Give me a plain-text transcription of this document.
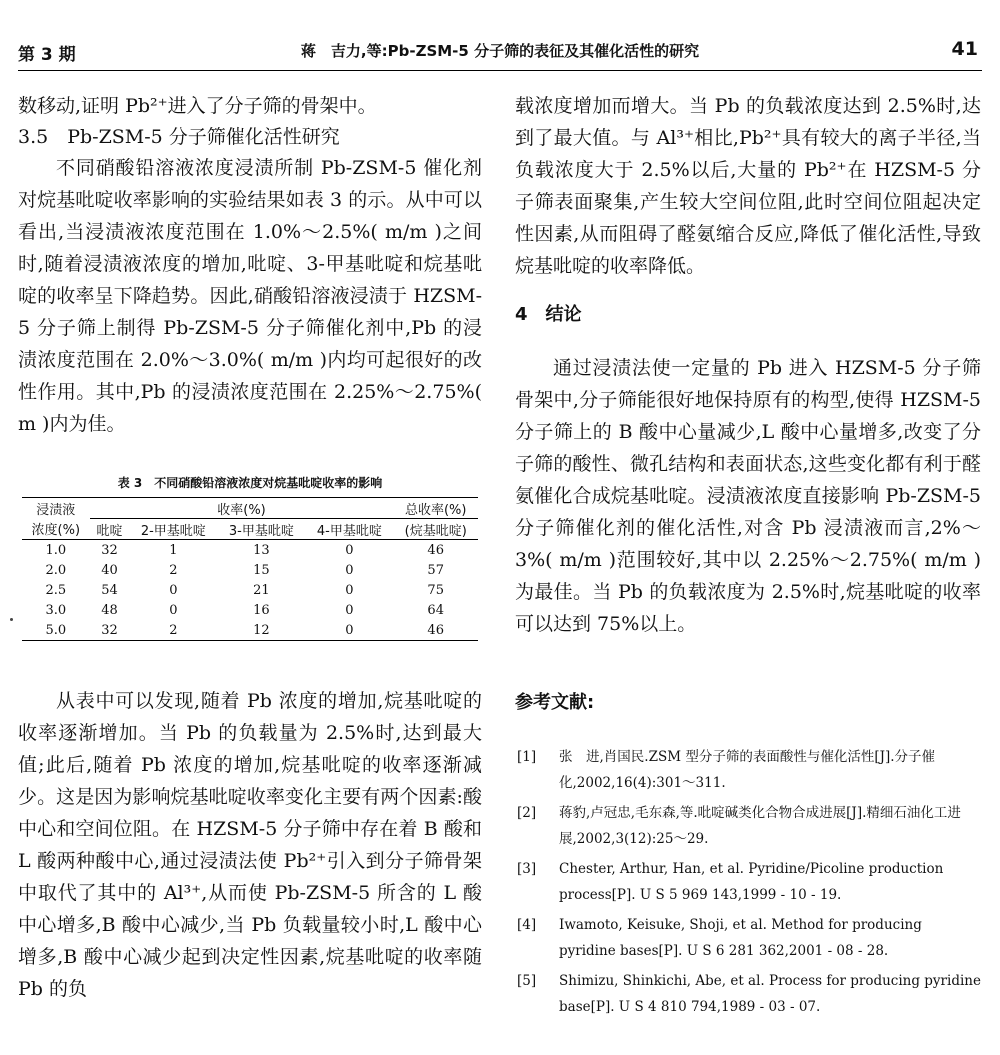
第 3 期	蒋　吉力,等:Pb-ZSM-5 分子筛的表征及其催化活性的研究	41

数移动,证明 Pb²⁺进入了分子筛的骨架中。

3.5　Pb-ZSM-5 分子筛催化活性研究

不同硝酸铅溶液浓度浸渍所制 Pb-ZSM-5 催化剂对烷基吡啶收率影响的实验结果如表 3 的示。从中可以看出,当浸渍液浓度范围在 1.0%～2.5%( m/m )之间时,随着浸渍液浓度的增加,吡啶、3-甲基吡啶和烷基吡啶的收率呈下降趋势。因此,硝酸铅溶液浸渍于 HZSM-5 分子筛上制得 Pb-ZSM-5 分子筛催化剂中,Pb 的浸渍浓度范围在 2.0%～3.0%( m/m )内均可起很好的改性作用。其中,Pb 的浸渍浓度范围在 2.25%～2.75%( m )内为佳。

表 3　不同硝酸铅溶液浓度对烷基吡啶收率的影响
浸渍液	收率(%)				总收率(%)
浓度(%)	吡啶	2-甲基吡啶	3-甲基吡啶	4-甲基吡啶	(烷基吡啶)
1.0	32	1	13	0	46
2.0	40	2	15	0	57
2.5	54	0	21	0	75
3.0	48	0	16	0	64
5.0	32	2	12	0	46

从表中可以发现,随着 Pb 浓度的增加,烷基吡啶的收率逐渐增加。当 Pb 的负载量为 2.5%时,达到最大值;此后,随着 Pb 浓度的增加,烷基吡啶的收率逐渐减少。这是因为影响烷基吡啶收率变化主要有两个因素:酸中心和空间位阻。在 HZSM-5 分子筛中存在着 B 酸和 L 酸两种酸中心,通过浸渍法使 Pb²⁺引入到分子筛骨架中取代了其中的 Al³⁺,从而使 Pb-ZSM-5 所含的 L 酸中心增多,B 酸中心减少,当 Pb 负载量较小时,L 酸中心增多,B 酸中心减少起到决定性因素,烷基吡啶的收率随 Pb 的负

载浓度增加而增大。当 Pb 的负载浓度达到 2.5%时,达到了最大值。与 Al³⁺相比,Pb²⁺具有较大的离子半径,当负载浓度大于 2.5%以后,大量的 Pb²⁺在 HZSM-5 分子筛表面聚集,产生较大空间位阻,此时空间位阻起决定性因素,从而阻碍了醛氨缩合反应,降低了催化活性,导致烷基吡啶的收率降低。

4　结论

通过浸渍法使一定量的 Pb 进入 HZSM-5 分子筛骨架中,分子筛能很好地保持原有的构型,使得 HZSM-5 分子筛上的 B 酸中心量减少,L 酸中心量增多,改变了分子筛的酸性、微孔结构和表面状态,这些变化都有利于醛氨催化合成烷基吡啶。浸渍液浓度直接影响 Pb-ZSM-5 分子筛催化剂的催化活性,对含 Pb 浸渍液而言,2%～3%( m/m )范围较好,其中以 2.25%～2.75%( m/m )为最佳。当 Pb 的负载浓度为 2.5%时,烷基吡啶的收率可以达到 75%以上。

参考文献:

[1] 张　进,肖国民.ZSM 型分子筛的表面酸性与催化活性[J].分子催化,2002,16(4):301～311.
[2] 蒋豹,卢冠忠,毛东森,等.吡啶碱类化合物合成进展[J].精细石油化工进展,2002,3(12):25～29.
[3] Chester, Arthur, Han, et al. Pyridine/Picoline production process[P]. U S 5 969 143,1999 - 10 - 19.
[4] Iwamoto, Keisuke, Shoji, et al. Method for producing pyridine bases[P]. U S 6 281 362,2001 - 08 - 28.
[5] Shimizu, Shinkichi, Abe, et al. Process for producing pyridine base[P]. U S 4 810 794,1989 - 03 - 07.
